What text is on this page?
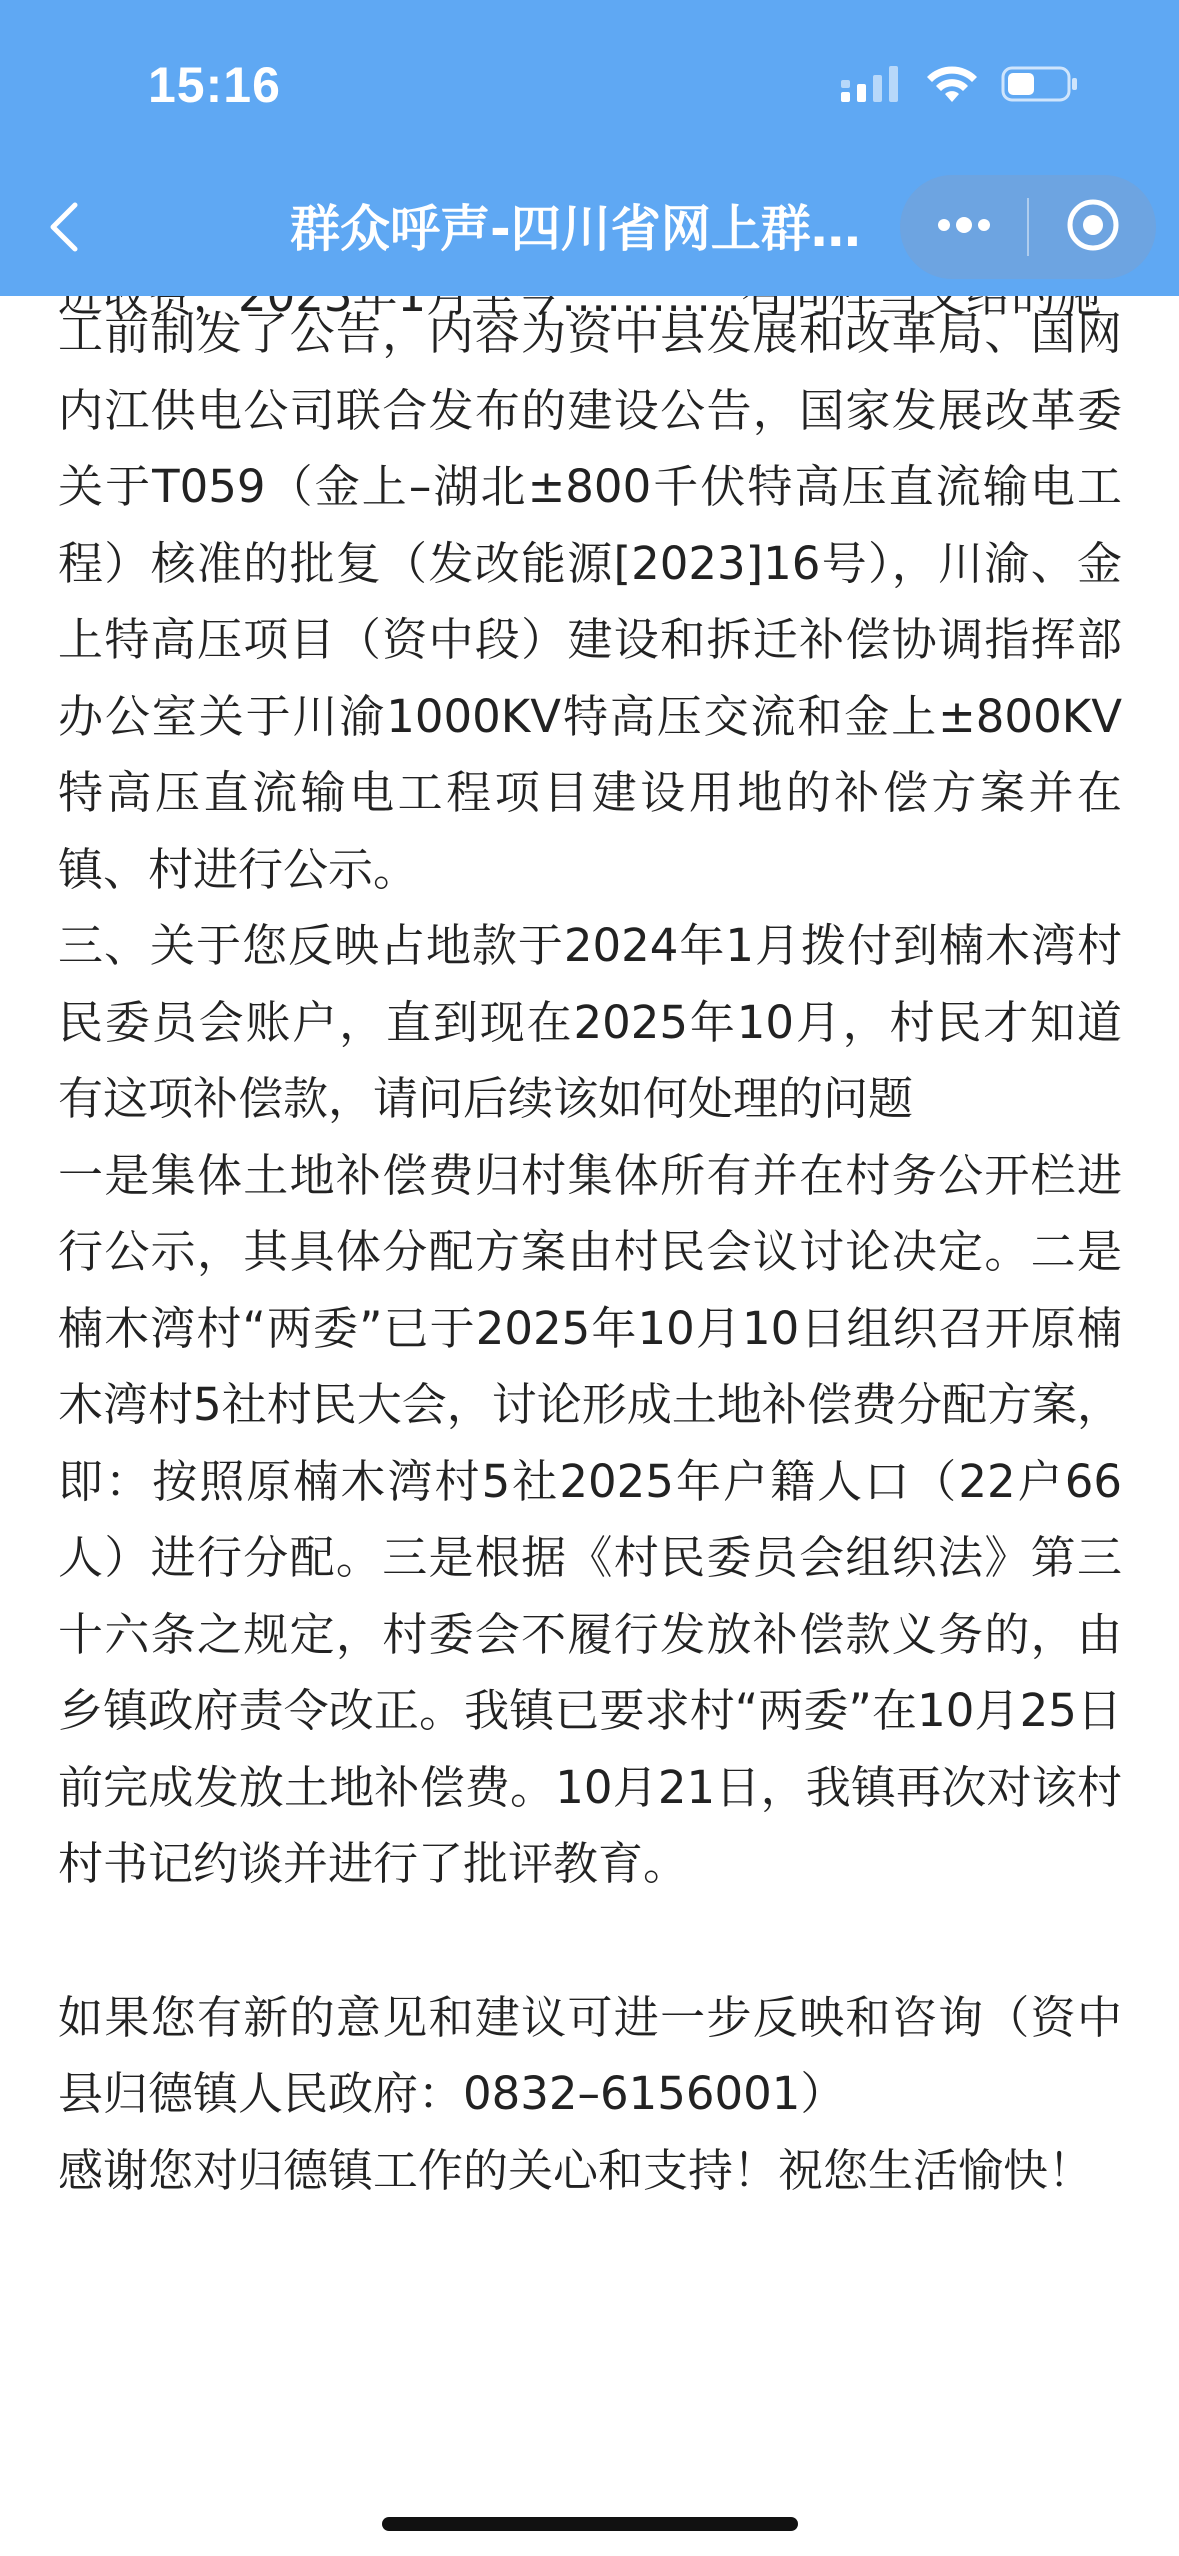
15:16
群众呼声-四川省网上群…

工前制发了公告，内容为资中县发展和改革局、国网内江供电公司联合发布的建设公告，国家发展改革委关于T059（金上–湖北±800千伏特高压直流输电工程）核准的批复（发改能源[2023]16号），川渝、金上特高压项目（资中段）建设和拆迁补偿协调指挥部办公室关于川渝1000KV特高压交流和金上±800KV特高压直流输电工程项目建设用地的补偿方案并在镇、村进行公示。

三、关于您反映占地款于2024年1月拨付到楠木湾村民委员会账户，直到现在2025年10月，村民才知道有这项补偿款，请问后续该如何处理的问题

一是集体土地补偿费归村集体所有并在村务公开栏进行公示，其具体分配方案由村民会议讨论决定。二是楠木湾村“两委”已于2025年10月10日组织召开原楠木湾村5社村民大会，讨论形成土地补偿费分配方案，即：按照原楠木湾村5社2025年户籍人口（22户66人）进行分配。三是根据《村民委员会组织法》第三十六条之规定，村委会不履行发放补偿款义务的，由乡镇政府责令改正。我镇已要求村“两委”在10月25日前完成发放土地补偿费。10月21日，我镇再次对该村村书记约谈并进行了批评教育。

如果您有新的意见和建议可进一步反映和咨询（资中县归德镇人民政府：0832–6156001）

感谢您对归德镇工作的关心和支持！祝您生活愉快！
